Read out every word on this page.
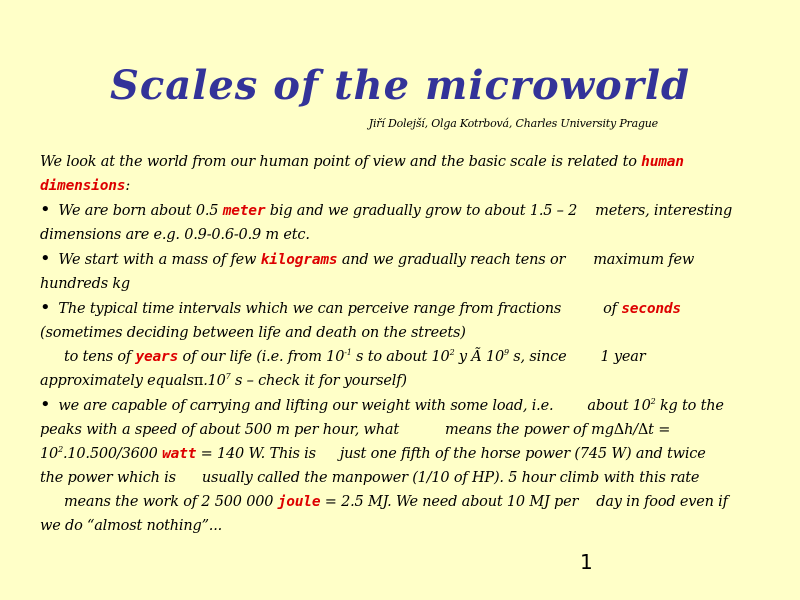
Scales of the microworld
Jiří Dolejší, Olga Kotrbová, Charles University Prague

We look at the world from our human point of view and the basic scale is related to human
dimensions:

• We are born about 0.5 meter big and we gradually grow to about 1.5 – 2 meters, interesting
dimensions are e.g. 0.9-0.6-0.9 m etc.

• We start with a mass of few kilograms and we gradually reach tens or maximum few
hundreds kg

• The typical time intervals which we can perceive range from fractions	of seconds
(sometimes deciding between life and death on the streets)
to tens of years of our life (i.e. from $10^{-1}$ s to about $10^2$ y Ã $10^9$ s, since 1 year
approximately $equals\pi.10^7$ s – check it for yourself)

• we are capable of carrying and lifting our weight with some load, i.e. about $10^2$ kg to the
peaks with a speed of about 500 m per hour, what	means the power of mgΔh/Δt =
$10^2.10.500/3600$ watt = 140 W. This is just one fifth of the horse power (745 W) and twice
the power which is usually called the manpower (1/10 of HP). 5 hour climb with this rate
means the work of 2 500 000 joule = 2.5 MJ. We need about 10 MJ per day in food even if
we do “almost nothing”...

1
